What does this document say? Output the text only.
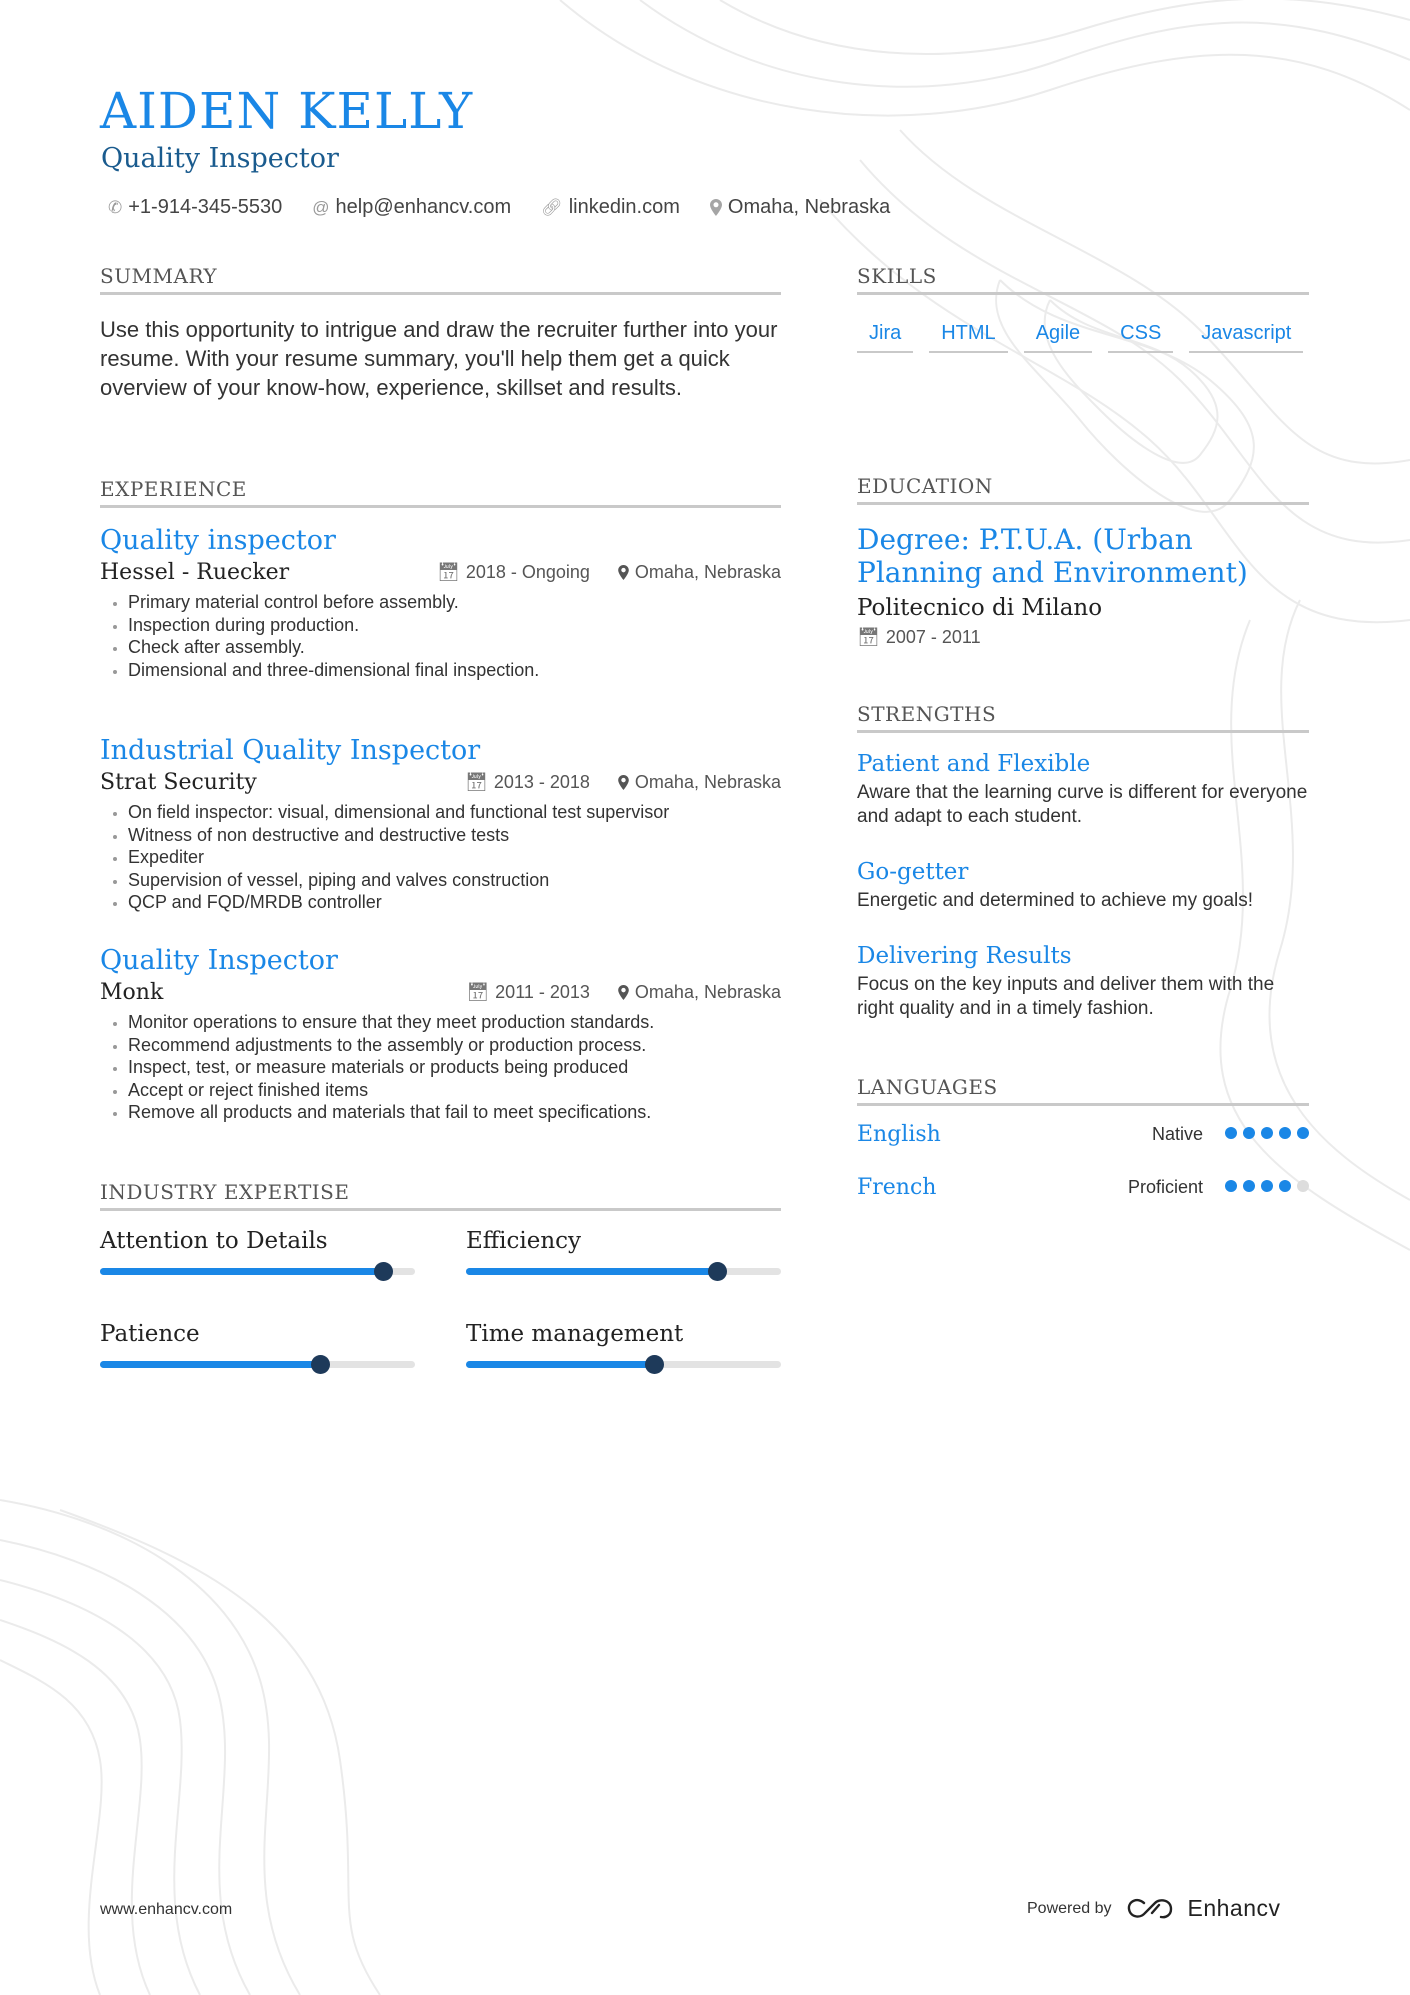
AIDEN KELLY
Quality Inspector
✆ +1-914-345-5530 @ help@enhancv.com 🔗︎ linkedin.com Omaha, Nebraska
SUMMARY
Use this opportunity to intrigue and draw the recruiter further into your resume. With your resume summary, you'll help them get a quick overview of your know-how, experience, skillset and results.
EXPERIENCE
Quality inspector
Hessel - Ruecker	📅︎ 2018 - Ongoing	Omaha, Nebraska
• Primary material control before assembly.
• Inspection during production.
• Check after assembly.
• Dimensional and three-dimensional final inspection.
Industrial Quality Inspector
Strat Security	📅︎ 2013 - 2018	Omaha, Nebraska
• On field inspector: visual, dimensional and functional test supervisor
• Witness of non destructive and destructive tests
• Expediter
• Supervision of vessel, piping and valves construction
• QCP and FQD/MRDB controller
Quality Inspector
Monk	📅︎ 2011 - 2013	Omaha, Nebraska
• Monitor operations to ensure that they meet production standards.
• Recommend adjustments to the assembly or production process.
• Inspect, test, or measure materials or products being produced
• Accept or reject finished items
• Remove all products and materials that fail to meet specifications.
INDUSTRY EXPERTISE
Attention to Details	Efficiency
Patience	Time management
SKILLS
Jira	HTML	Agile	CSS	Javascript
EDUCATION
Degree: P.T.U.A. (Urban Planning and Environment)
Politecnico di Milano
📅︎ 2007 - 2011
STRENGTHS
Patient and Flexible
Aware that the learning curve is different for everyone and adapt to each student.
Go-getter
Energetic and determined to achieve my goals!
Delivering Results
Focus on the key inputs and deliver them with the right quality and in a timely fashion.
LANGUAGES
English	Native
French	Proficient
www.enhancv.com	Powered by	Enhancv
